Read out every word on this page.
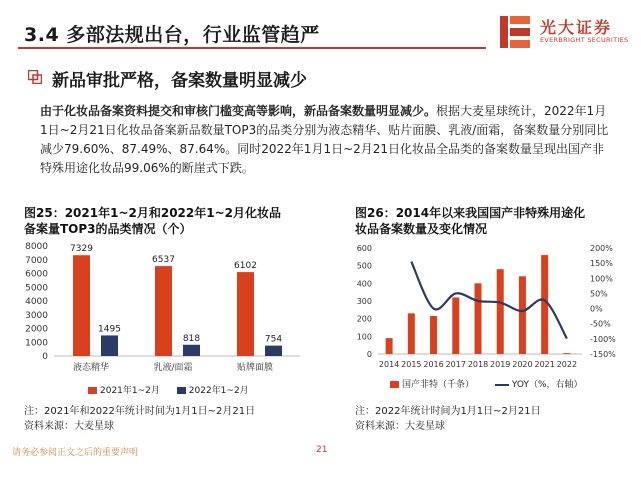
3.4 多部法规出台，行业监管趋严	光大证券
EVERBRIGHT SECURITIES
新品审批严格，备案数量明显减少
由于化妆品备案资料提交和审核门槛变高等影响，新品备案数量明显减少。根据大麦星球统计，2022年1月1日~2月21日化妆品备案新品数量TOP3的品类分别为液态精华、贴片面膜、乳液/面霜，备案数量分别同比减少79.60%、87.49%、87.64%。同时2022年1月1日~2月21日化妆品全品类的备案数量呈现出国产非特殊用途化妆品99.06%的断崖式下跌。
图25：2021年1~2月和2022年1~2月化妆品
备案量TOP3的品类情况（个）
0
1000
2000
3000
4000
5000
6000
7000
8000 7329
1495
液态精华
6537
818
乳液/面霜
6102
754
贴牌面膜
2021年1~2月	2022年1~2月
注：2021年和2022年统计时间为1月1日~2月21日
资料来源：大麦星球
图26：2014年以来我国国产非特殊用途化
妆品备案数量及变化情况
0
100
200
300
400
500
600	200%
150%
100%
50%
0%
-50%
-100%
-150%
2014 2015 2016 2017 2018 2019 2020 2021 2022
国产非特（千条）	YOY（%，右轴）
注：2022年统计时间为1月1日~2月21日
资料来源：大麦星球
请务必参阅正文之后的重要声明	21
